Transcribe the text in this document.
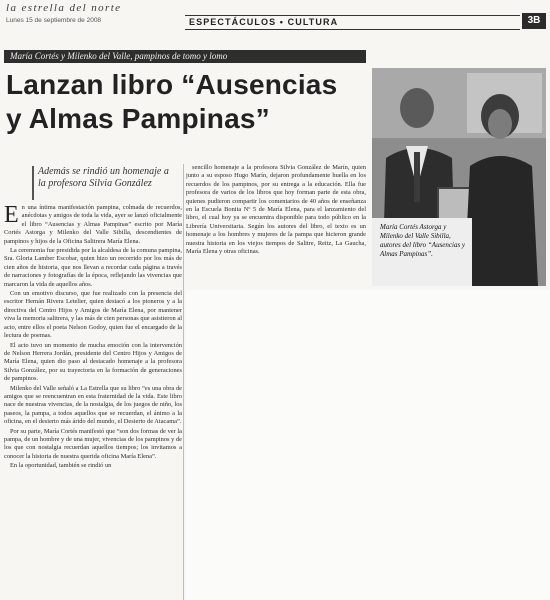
la estrella del norte
Lunes 15 de septiembre de 2008	ESPECTÁCULOS • CULTURA	3B
María Cortés y Milenko del Valle, pampinos de tomo y lomo
Lanzan libro “Ausencias
y Almas Pampinas”
María Cortés Astorga y Milenko del Valle Sibilla, autores del libro “Ausencias y Almas Pampinas”.
Además se rindió un homenaje a la profesora Silvia González
E n una íntima manifestación pampina, colmada de recuerdos, anécdotas y amigos de toda la vida, ayer se lanzó oficialmente el libro “Ausencias y Almas Pampinas” escrito por María Cortés Astorga y Milenko del Valle Sibilla, descendientes de pampinos y hijos de la Oficina Salitrera María Elena.

La ceremonia fue presidida por la alcaldesa de la comuna pampina, Sra. Gloria Lamber Escobar, quien hizo un recorrido por los más de cien años de historia, que nos llevan a recordar cada página a través de narraciones y fotografías de la época, reflejando las vivencias que marcaron la vida de aquellos años.

Con un emotivo discurso, que fue realizado con la presencia del escritor Hernán Rivera Letelier, quien destacó a los pioneros y a la directiva del Centro Hijos y Amigos de María Elena, por mantener viva la memoria salitrera, y las más de cien personas que asistieron al acto, entre ellos el poeta Nelson Godoy, quien fue el encargado de la lectura de poemas.

El acto tuvo un momento de mucha emoción con la intervención de Nelson Herrera Jordán, presidente del Centro Hijos y Amigos de María Elena, quien dio paso al destacado homenaje a la profesora Silvia González, por su trayectoria en la formación de generaciones de pampinos.

Milenko del Valle señaló a La Estrella que su libro “es una obra de amigos que se reencuentran en esta fraternidad de la vida. Este libro nace de nuestras vivencias, de la nostalgia, de los juegos de niño, los paseos, la pampa, a todos aquellos que se recuerdan, el ánimo a la oficina, en el desierto más árido del mundo, el Desierto de Atacama”.

Por su parte, María Cortés manifestó que “son dos formas de ver la pampa, de un hombre y de una mujer, vivencias de los pampinos y de los que con nostalgia recuerdan aquellos tiempos; los invitamos a conocer la historia de nuestra querida oficina María Elena”.

En la oportunidad, también se rindió un

sencillo homenaje a la profesora Silvia González de Marín, quien junto a su esposo Hugo Marín, dejaron profundamente huella en los recuerdos de los pampinos, por su entrega a la educación. Ella fue profesora de varios de los libros que hoy forman parte de esta obra, quienes pudieron compartir los comentarios de 40 años de enseñanza en la Escuela Bonita Nº 5 de María Elena, para el lanzamiento del libro, el cual hoy ya se encuentra disponible para todo público en la Librería Universitaria. Según los autores del libro, el texto es un homenaje a los hombres y mujeres de la pampa que hicieron grande nuestra historia en los viejos tiempos de Salitre, Reitz, La Gaucha, María Elena y otras oficinas.
